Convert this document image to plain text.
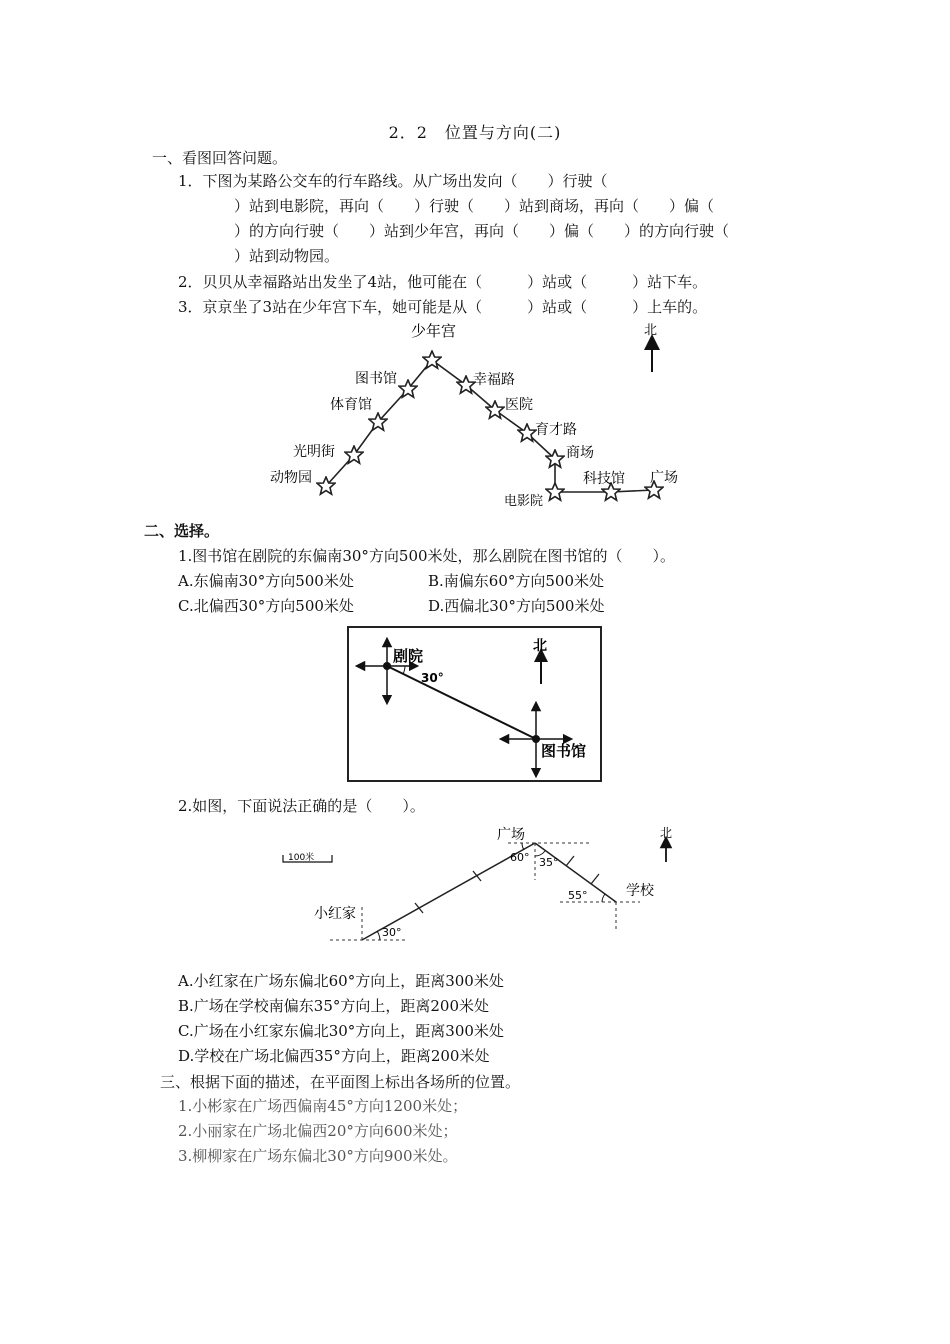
2．2　位置与方向(二)
一、看图回答问题。
1．下图为某路公交车的行车路线。从广场出发向（　　）行驶（
）站到电影院，再向（　　）行驶（　　）站到商场，再向（　　）偏（
）的方向行驶（　　）站到少年宫，再向（　　）偏（　　）的方向行驶（
）站到动物园。
2．贝贝从幸福路站出发坐了4站，他可能在（　　　）站或（　　　）站下车。
3．京京坐了3站在少年宫下车，她可能是从（　　　）站或（　　　）上车的。
北
少年宫
图书馆
体育馆
光明街
动物园
幸福路
医院
育才路
商场
电影院
科技馆 广场
二、选择。
1.图书馆在剧院的东偏南30°方向500米处，那么剧院在图书馆的（　　）。
A.东偏南30°方向500米处	B.南偏东60°方向500米处
C.北偏西30°方向500米处	D.西偏北30°方向500米处
北
剧院
30°
图书馆
2.如图，下面说法正确的是（　　）。
100米
北
小红家
广场
学校
30°
60° 35°
55°
A.小红家在广场东偏北60°方向上，距离300米处
B.广场在学校南偏东35°方向上，距离200米处
C.广场在小红家东偏北30°方向上，距离300米处
D.学校在广场北偏西35°方向上，距离200米处
三、根据下面的描述，在平面图上标出各场所的位置。
1.小彬家在广场西偏南45°方向1200米处；
2.小丽家在广场北偏西20°方向600米处；
3.柳柳家在广场东偏北30°方向900米处。
